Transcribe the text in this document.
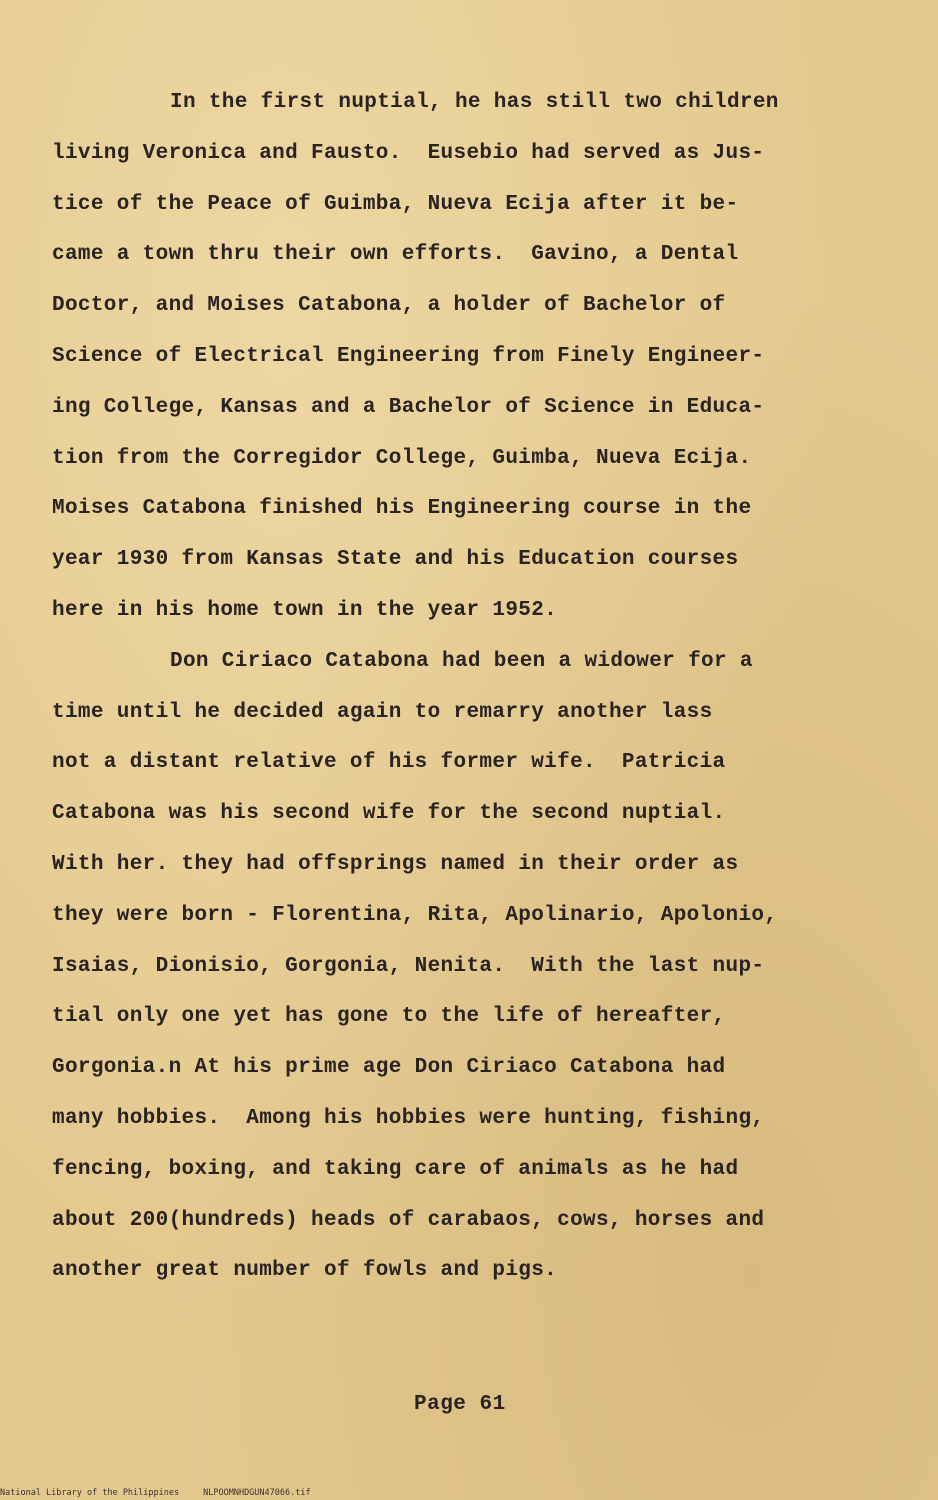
In the first nuptial, he has still two children
living Veronica and Fausto.  Eusebio had served as Jus-
tice of the Peace of Guimba, Nueva Ecija after it be-
came a town thru their own efforts.  Gavino, a Dental
Doctor, and Moises Catabona, a holder of Bachelor of
Science of Electrical Engineering from Finely Engineer-
ing College, Kansas and a Bachelor of Science in Educa-
tion from the Corregidor College, Guimba, Nueva Ecija.
Moises Catabona finished his Engineering course in the
year 1930 from Kansas State and his Education courses
here in his home town in the year 1952.
Don Ciriaco Catabona had been a widower for a
time until he decided again to remarry another lass
not a distant relative of his former wife.  Patricia
Catabona was his second wife for the second nuptial.
With her. they had offsprings named in their order as
they were born - Florentina, Rita, Apolinario, Apolonio,
Isaias, Dionisio, Gorgonia, Nenita.  With the last nup-
tial only one yet has gone to the life of hereafter,
Gorgonia.n At his prime age Don Ciriaco Catabona had
many hobbies.  Among his hobbies were hunting, fishing,
fencing, boxing, and taking care of animals as he had
about 200(hundreds) heads of carabaos, cows, horses and
another great number of fowls and pigs.
Page 61
National Library of the Philippines	NLPOOMNHDGUN47066.tif
